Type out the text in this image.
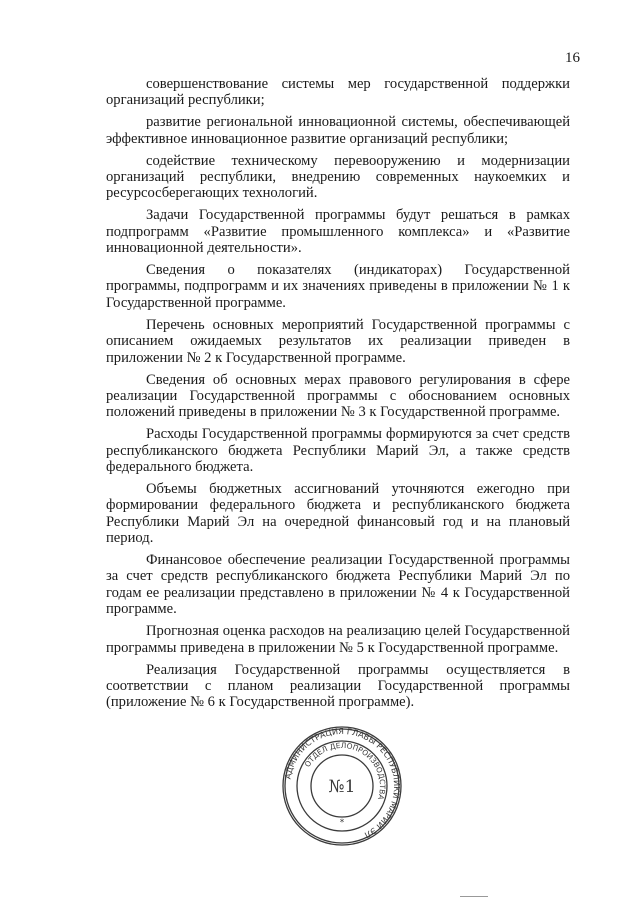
16

совершенствование системы мер государственной поддержки организаций республики;

развитие региональной инновационной системы, обеспечивающей эффективное инновационное развитие организаций республики;

содействие техническому перевооружению и модернизации организаций республики, внедрению современных наукоемких и ресурсосберегающих технологий.

Задачи Государственной программы будут решаться в рамках подпрограмм «Развитие промышленного комплекса» и «Развитие инновационной деятельности».

Сведения о показателях (индикаторах) Государственной программы, подпрограмм и их значениях приведены в приложении № 1 к Государственной программе.

Перечень основных мероприятий Государственной программы с описанием ожидаемых результатов их реализации приведен в приложении № 2 к Государственной программе.

Сведения об основных мерах правового регулирования в сфере реализации Государственной программы с обоснованием основных положений приведены в приложении № 3 к Государственной программе.

Расходы Государственной программы формируются за счет средств республиканского бюджета Республики Марий Эл, а также средств федерального бюджета.

Объемы бюджетных ассигнований уточняются ежегодно при формировании федерального бюджета и республиканского бюджета Республики Марий Эл на очередной финансовый год и на плановый период.

Финансовое обеспечение реализации Государственной программы за счет средств республиканского бюджета Республики Марий Эл по годам ее реализации представлено в приложении № 4 к Государственной программе.

Прогнозная оценка расходов на реализацию целей Государственной программы приведена в приложении № 5 к Государственной программе.

Реализация Государственной программы осуществляется в соответствии с планом реализации Государственной программы (приложение № 6 к Государственной программе).

АДМИНИСТРАЦИЯ ГЛАВЫ РЕСПУБЛИКИ МАРИЙ ЭЛ
ОТДЕЛ ДЕЛОПРОИЗВОДСТВА
№1
*
